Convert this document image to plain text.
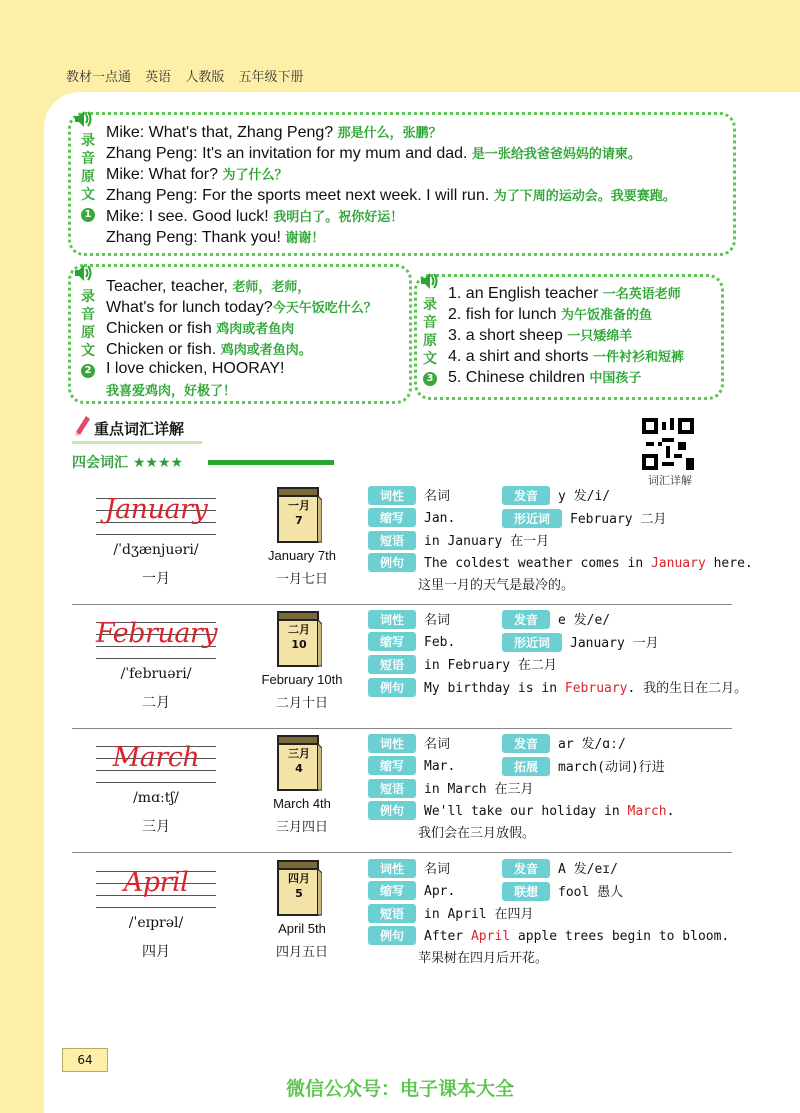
教材一点通 英语 人教版 五年级下册
录
音
原
文
1
Mike: What's that, Zhang Peng? 那是什么，张鹏？
Zhang Peng: It's an invitation for my mum and dad. 是一张给我爸爸妈妈的请柬。
Mike: What for? 为了什么？
Zhang Peng: For the sports meet next week. I will run. 为了下周的运动会。我要赛跑。
Mike: I see. Good luck! 我明白了。祝你好运！
Zhang Peng: Thank you! 谢谢！
录
音
原
文
2
Teacher, teacher, 老师，老师，
What's for lunch today?今天午饭吃什么？
Chicken or fish 鸡肉或者鱼肉
Chicken or fish. 鸡肉或者鱼肉。
I love chicken, HOORAY!
我喜爱鸡肉，好极了！
录
音
原
文
3
1. an English teacher 一名英语老师
2. fish for lunch 为午饭准备的鱼
3. a short sheep 一只矮绵羊
4. a shirt and shorts 一件衬衫和短裤
5. Chinese children 中国孩子
重点词汇详解
四会词汇 ★★★★
词汇详解
January
/ˈdʒænjuəri/
一月
一月
7
January 7th
一月七日
词性 名词	发音 y 发/i/
缩写 Jan.	形近词 February 二月
短语 in January 在一月
例句 The coldest weather comes in January here.
这里一月的天气是最冷的。
February
/ˈfebruəri/
二月
二月
10
February 10th
二月十日
词性 名词	发音 e 发/e/
缩写 Feb.	形近词 January 一月
短语 in February 在二月
例句 My birthday is in February. 我的生日在二月。
March
/mɑːtʃ/
三月
三月
4
March 4th
三月四日
词性 名词	发音 ar 发/ɑː/
缩写 Mar.	拓展 march(动词)行进
短语 in March 在三月
例句 We'll take our holiday in March.
我们会在三月放假。
April
/ˈeɪprəl/
四月
四月
5
April 5th
四月五日
词性 名词	发音 A 发/eɪ/
缩写 Apr.	联想 fool 愚人
短语 in April 在四月
例句 After April apple trees begin to bloom.
苹果树在四月后开花。
64
微信公众号：电子课本大全
